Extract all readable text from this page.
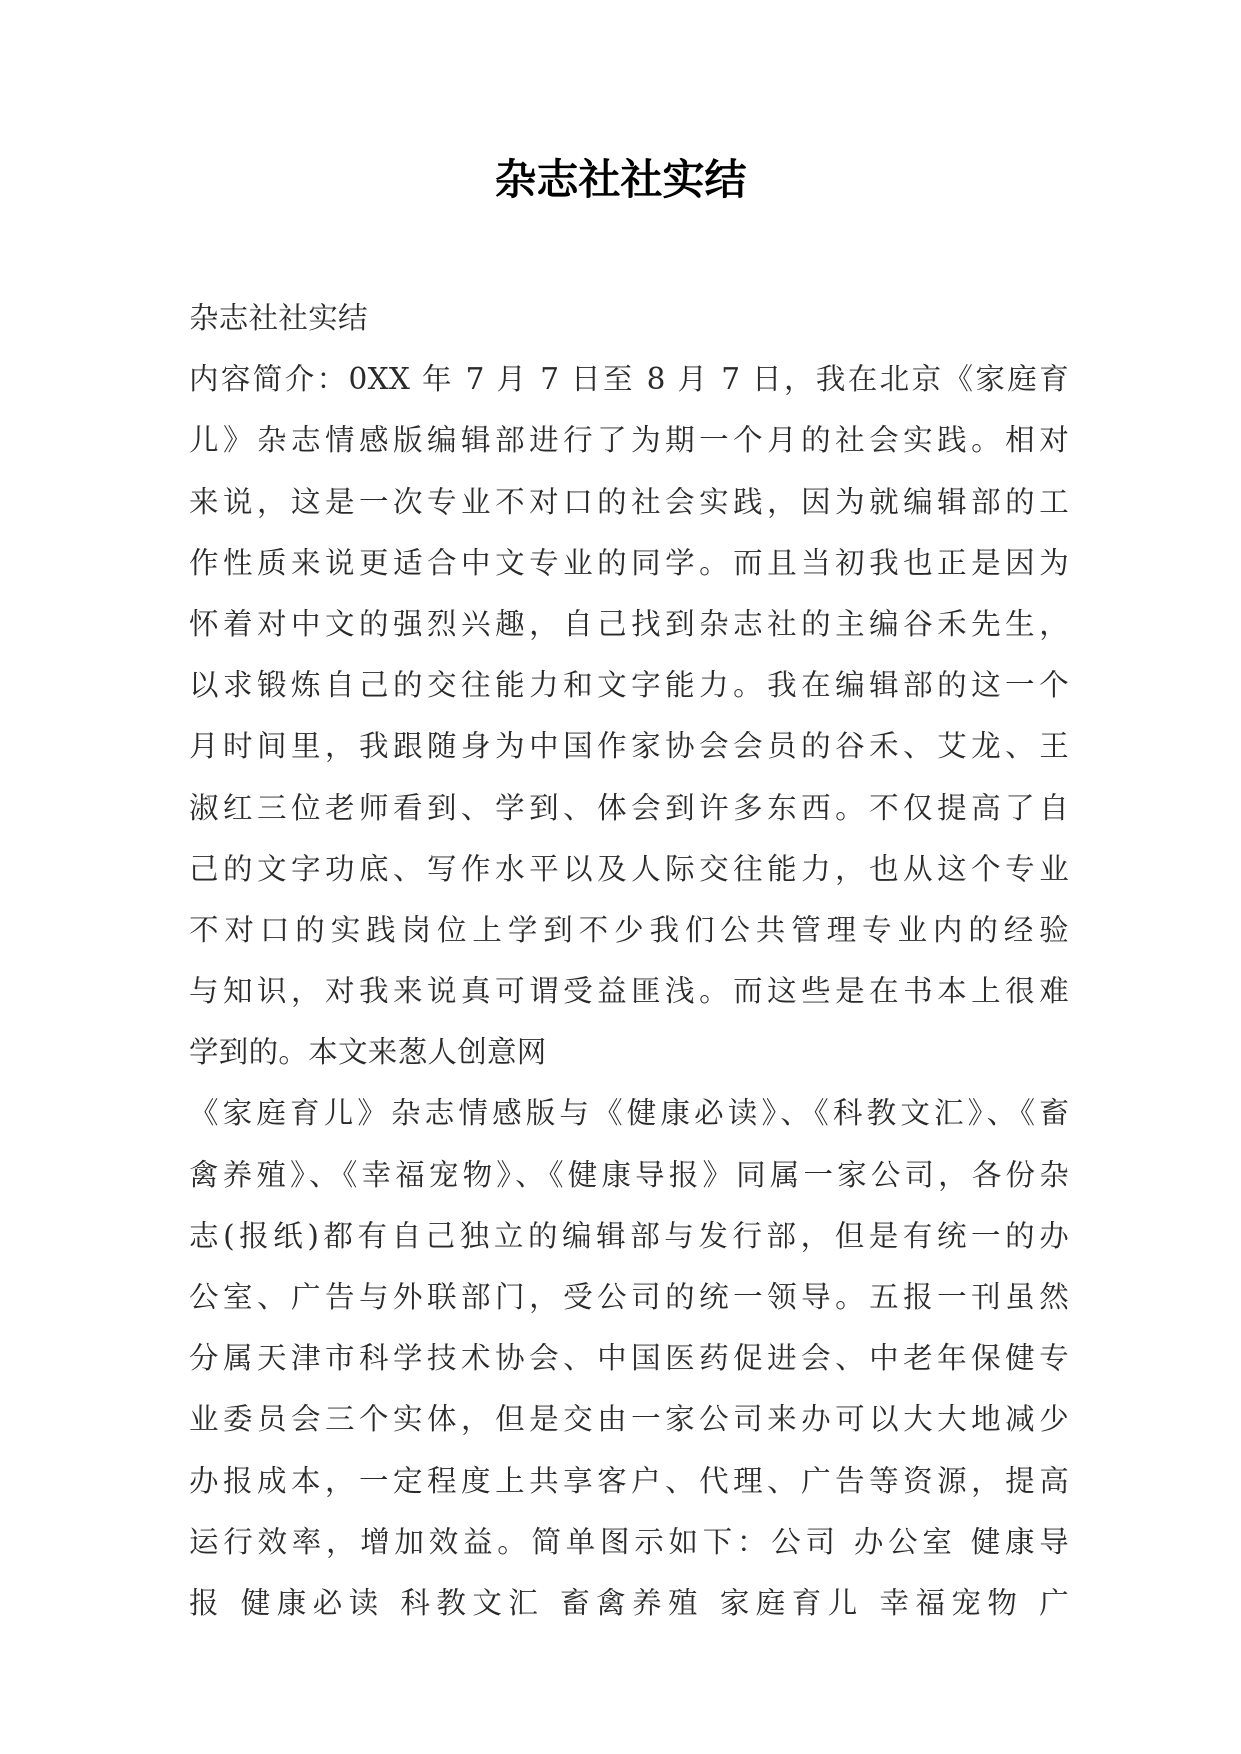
杂志社社实结

杂志社社实结

内容简介：0XX 年 7 月 7 日至 8 月 7 日，我在北京《家庭育

儿》杂志情感版编辑部进行了为期一个月的社会实践。相对

来说，这是一次专业不对口的社会实践，因为就编辑部的工

作性质来说更适合中文专业的同学。而且当初我也正是因为

怀着对中文的强烈兴趣，自己找到杂志社的主编谷禾先生，

以求锻炼自己的交往能力和文字能力。我在编辑部的这一个

月时间里，我跟随身为中国作家协会会员的谷禾、艾龙、王

淑红三位老师看到、学到、体会到许多东西。不仅提高了自

己的文字功底、写作水平以及人际交往能力，也从这个专业

不对口的实践岗位上学到不少我们公共管理专业内的经验

与知识，对我来说真可谓受益匪浅。而这些是在书本上很难

学到的。本文来葱人创意网

《家庭育儿》杂志情感版与《健康必读》、《科教文汇》、《畜

禽养殖》、《幸福宠物》、《健康导报》同属一家公司，各份杂

志(报纸)都有自己独立的编辑部与发行部，但是有统一的办

公室、广告与外联部门，受公司的统一领导。五报一刊虽然

分属天津市科学技术协会、中国医药促进会、中老年保健专

业委员会三个实体，但是交由一家公司来办可以大大地减少

办报成本，一定程度上共享客户、代理、广告等资源，提高

运行效率，增加效益。简单图示如下：公司 办公室 健康导

报 健康必读 科教文汇 畜禽养殖 家庭育儿 幸福宠物 广
